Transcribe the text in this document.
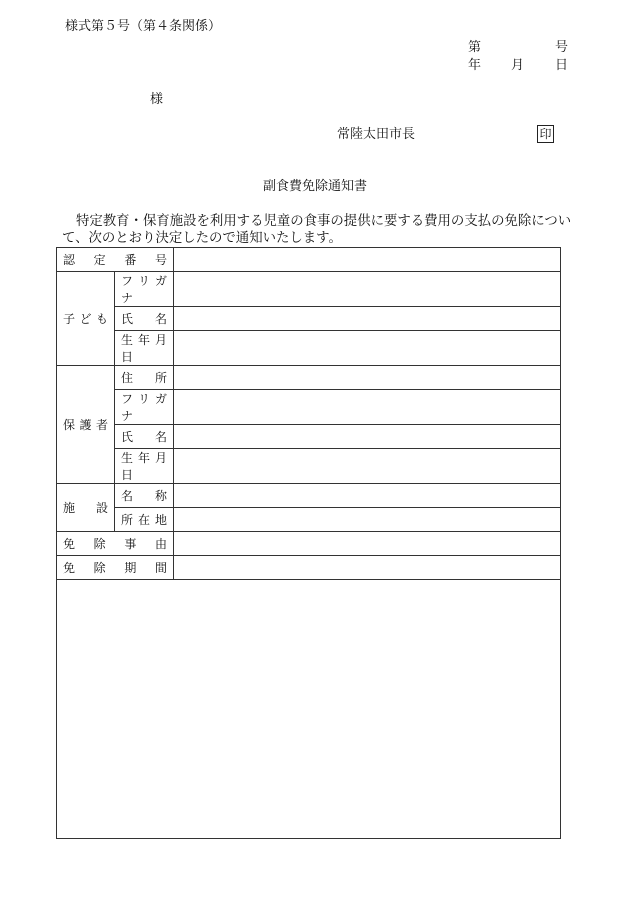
様式第５号（第４条関係）
第	号
年 月 日
様
常陸太田市長	印
副食費免除通知書
特定教育・保育施設を利用する児童の食事の提供に要する費用の支払の免除について、次のとおり決定したので通知いたします。
認 定 番 号		
子 ど も	フ リ ガ ナ	
	氏 名	
	生 年 月 日	
保 護 者	住 所	
	フ リ ガ ナ	
	氏 名	
	生 年 月 日	
施 設	名 称	
	所 在 地	
免 除 事 由		
免 除 期 間		
